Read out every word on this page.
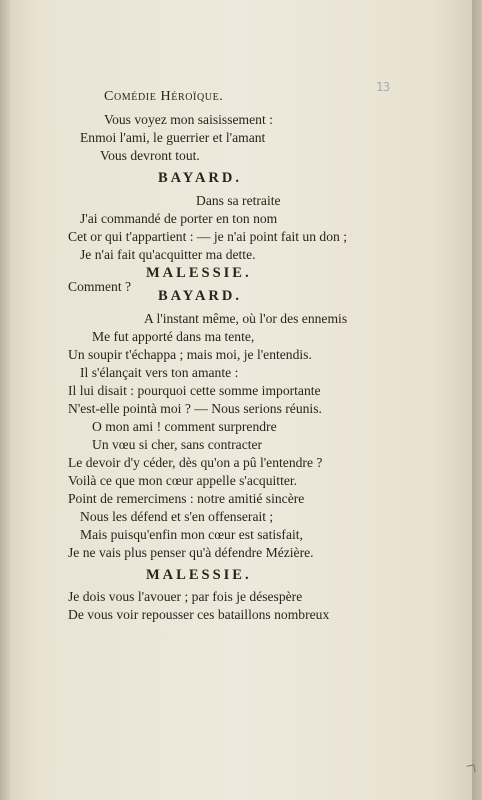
13
Comédie Héroïque.
Vous voyez mon saisissement :
Enmoi l'ami, le guerrier et l'amant
Vous devront tout.
BAYARD.
Dans sa retraite
J'ai commandé de porter en ton nom
Cet or qui t'appartient : — je n'ai point fait un don ;
Je n'ai fait qu'acquitter ma dette.
MALESSIE.
Comment ?
BAYARD.
A l'instant même, où l'or des ennemis
Me fut apporté dans ma tente,
Un soupir t'échappa ; mais moi, je l'entendis.
Il s'élançait vers ton amante :
Il lui disait : pourquoi cette somme importante
N'est-elle pointà moi ? — Nous serions réunis.
O mon ami ! comment surprendre
Un vœu si cher, sans contracter
Le devoir d'y céder, dès qu'on a pû l'entendre ?
Voilà ce que mon cœur appelle s'acquitter.
Point de remercimens : notre amitié sincère
Nous les défend et s'en offenserait ;
Mais puisqu'enfin mon cœur est satisfait,
Je ne vais plus penser qu'à défendre Mézière.
MALESSIE.
Je dois vous l'avouer ; par fois je désespère
De vous voir repousser ces bataillons nombreux
